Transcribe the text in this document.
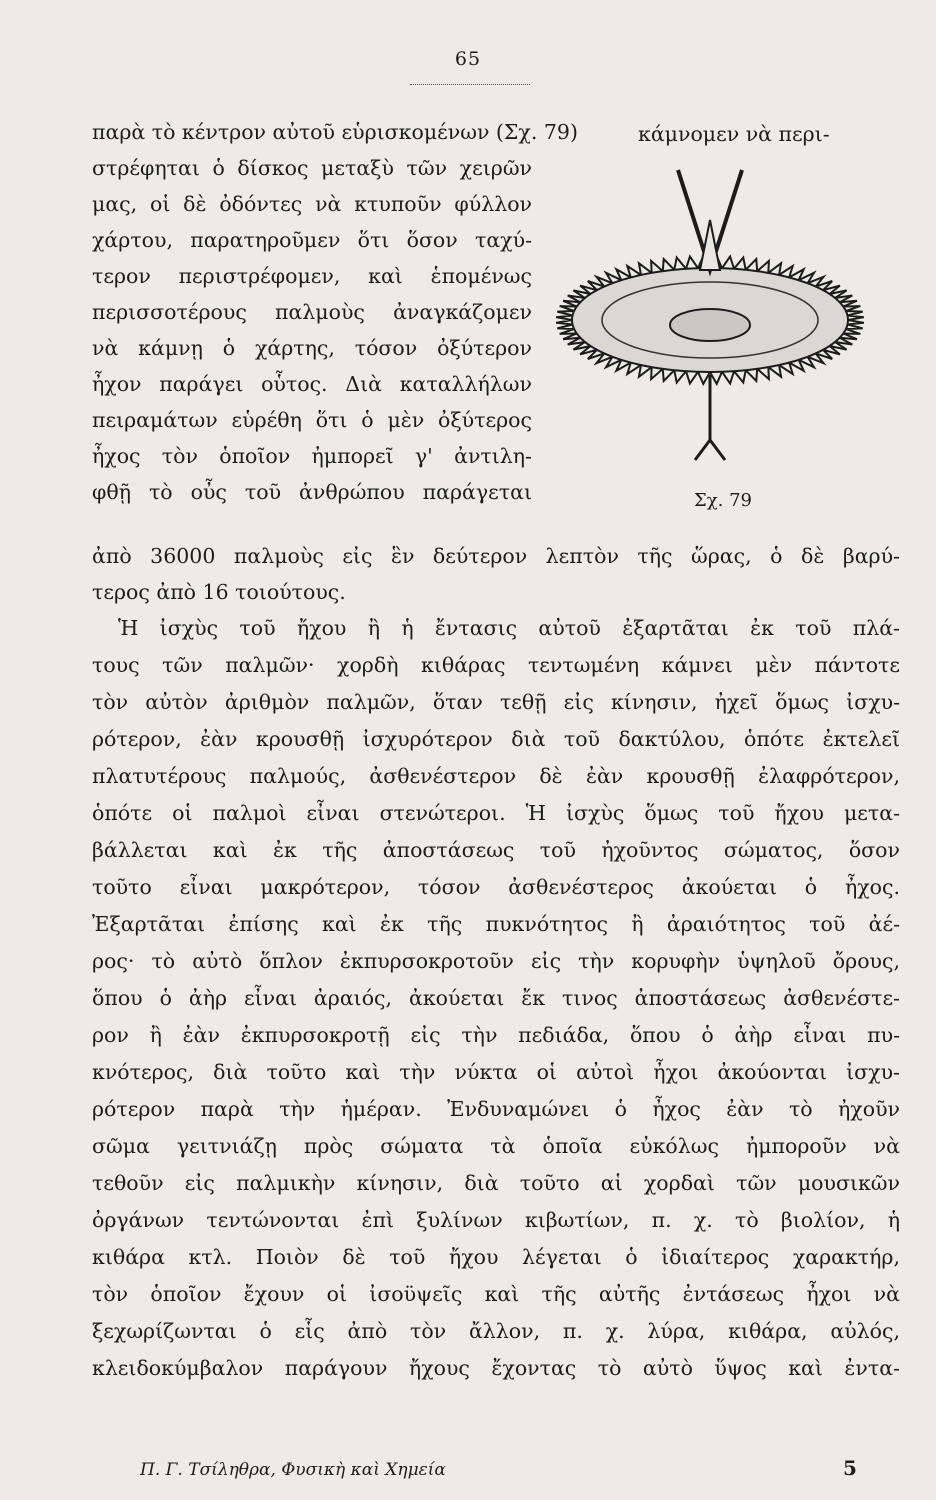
65

παρὰ τὸ κέντρον αὐτοῦ εὑρισκομένων (Σχ. 79)	κάμνομεν νὰ περι-

στρέφηται ὁ δίσκος μεταξὺ τῶν χειρῶν

μας, οἱ δὲ ὀδόντες νὰ κτυποῦν φύλλον

χάρτου, παρατηροῦμεν ὅτι ὅσον ταχύ-

τερον περιστρέφομεν, καὶ ἑπομένως

περισσοτέρους παλμοὺς ἀναγκάζομεν

νὰ κάμνῃ ὁ χάρτης, τόσον ὀξύτερον

ἦχον παράγει οὗτος. Διὰ καταλλήλων

πειραμάτων εὑρέθη ὅτι ὁ μὲν ὀξύτερος

ἦχος τὸν ὁποῖον ἠμπορεῖ γ' ἀντιλη-

φθῇ τὸ οὖς τοῦ ἀνθρώπου παράγεται	Σχ. 79

ἀπὸ 36000 παλμοὺς εἰς ἓν δεύτερον λεπτὸν τῆς ὥρας, ὁ δὲ βαρύ-

τερος ἀπὸ 16 τοιούτους.

Ἡ ἰσχὺς τοῦ ἤχου ἢ ἡ ἔντασις αὐτοῦ ἐξαρτᾶται ἐκ τοῦ πλά-

τους τῶν παλμῶν· χορδὴ κιθάρας τεντωμένη κάμνει μὲν πάντοτε

τὸν αὐτὸν ἀριθμὸν παλμῶν, ὅταν τεθῇ εἰς κίνησιν, ἠχεῖ ὅμως ἰσχυ-

ρότερον, ἐὰν κρουσθῇ ἰσχυρότερον διὰ τοῦ δακτύλου, ὁπότε ἐκτελεῖ

πλατυτέρους παλμούς, ἀσθενέστερον δὲ ἐὰν κρουσθῇ ἐλαφρότερον,

ὁπότε οἱ παλμοὶ εἶναι στενώτεροι. Ἡ ἰσχὺς ὅμως τοῦ ἤχου μετα-

βάλλεται καὶ ἐκ τῆς ἀποστάσεως τοῦ ἠχοῦντος σώματος, ὅσον

τοῦτο εἶναι μακρότερον, τόσον ἀσθενέστερος ἀκούεται ὁ ἦχος.

Ἐξαρτᾶται ἐπίσης καὶ ἐκ τῆς πυκνότητος ἢ ἀραιότητος τοῦ ἀέ-

ρος· τὸ αὐτὸ ὅπλον ἐκπυρσοκροτοῦν εἰς τὴν κορυφὴν ὑψηλοῦ ὄρους,

ὅπου ὁ ἀὴρ εἶναι ἀραιός, ἀκούεται ἔκ τινος ἀποστάσεως ἀσθενέστε-

ρον ἢ ἐὰν ἐκπυρσοκροτῇ εἰς τὴν πεδιάδα, ὅπου ὁ ἀὴρ εἶναι πυ-

κνότερος, διὰ τοῦτο καὶ τὴν νύκτα οἱ αὐτοὶ ἦχοι ἀκούονται ἰσχυ-

ρότερον παρὰ τὴν ἡμέραν. Ἐνδυναμώνει ὁ ἦχος ἐὰν τὸ ἠχοῦν

σῶμα γειτνιάζῃ πρὸς σώματα τὰ ὁποῖα εὐκόλως ἠμποροῦν νὰ

τεθοῦν εἰς παλμικὴν κίνησιν, διὰ τοῦτο αἱ χορδαὶ τῶν μουσικῶν

ὀργάνων τεντώνονται ἐπὶ ξυλίνων κιβωτίων, π. χ. τὸ βιολίον, ἡ

κιθάρα κτλ. Ποιὸν δὲ τοῦ ἤχου λέγεται ὁ ἰδιαίτερος χαρακτήρ,

τὸν ὁποῖον ἔχουν οἱ ἰσοϋψεῖς καὶ τῆς αὐτῆς ἐντάσεως ἦχοι νὰ

ξεχωρίζωνται ὁ εἷς ἀπὸ τὸν ἄλλον, π. χ. λύρα, κιθάρα, αὐλός,

κλειδοκύμβαλον παράγουν ἤχους ἔχοντας τὸ αὐτὸ ὕψος καὶ ἐντα-

Π. Γ. Τσίληθρα, Φυσικὴ καὶ Χημεία	5
